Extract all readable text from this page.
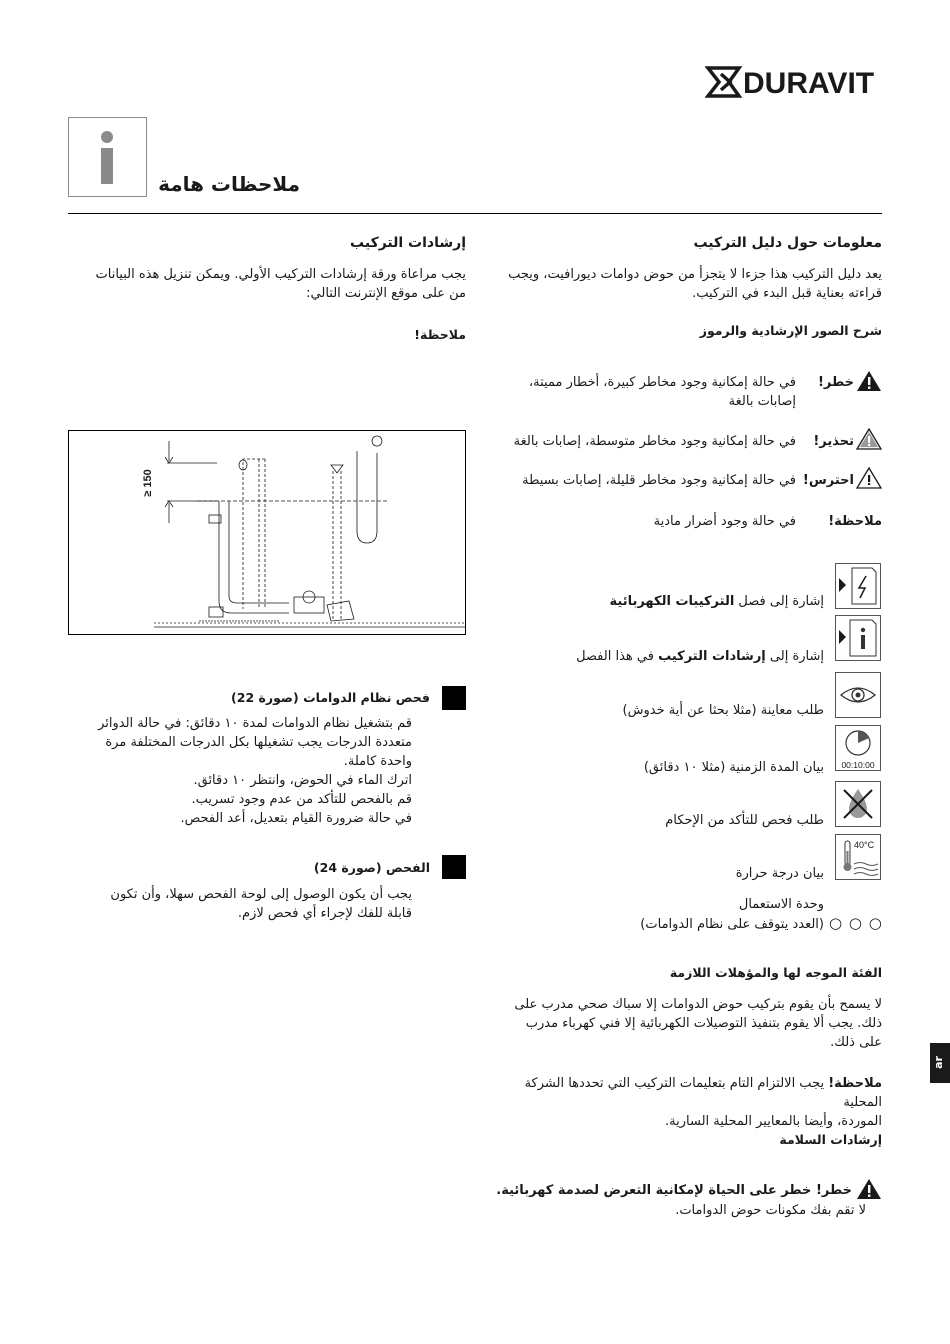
DURAVIT
ملاحظات هامة
معلومات حول دليل التركيب
يعد دليل التركيب هذا جزءا لا يتجزأ من حوض دوامات ديورافيت، ويجب
قراءته بعناية قبل البدء في التركيب.
شرح الصور الإرشادية والرموز
خطر!
في حالة إمكانية وجود مخاطر كبيرة، أخطار مميتة،
إصابات بالغة
تحذير!
في حالة إمكانية وجود مخاطر متوسطة، إصابات بالغة
احترس!
في حالة إمكانية وجود مخاطر قليلة، إصابات بسيطة
ملاحظة!
في حالة وجود أضرار مادية
إشارة إلى فصل التركيبات الكهربائية
إشارة إلى إرشادات التركيب في هذا الفصل
طلب معاينة (مثلا بحثا عن أية خدوش)
00:10:00
بيان المدة الزمنية (مثلا ١٠ دقائق)
طلب فحص للتأكد من الإحكام
40°C
بيان درجة حرارة
وحدة الاستعمال
(العدد يتوقف على نظام الدوامات) ○ ○ ○
الفئة الموجه لها والمؤهلات اللازمة
لا يسمح بأن يقوم بتركيب حوض الدوامات إلا سباك صحي مدرب على
ذلك. يجب ألا يقوم بتنفيذ التوصيلات الكهربائية إلا فني كهرباء مدرب
على ذلك.
ملاحظة! يجب الالتزام التام بتعليمات التركيب التي تحددها الشركة المحلية
الموردة، وأيضا بالمعايير المحلية السارية.
إرشادات السلامة
خطر! خطر على الحياة لإمكانية التعرض لصدمة كهربائية.
لا تقم بفك مكونات حوض الدوامات.
إرشادات التركيب
يجب مراعاة ورقة إرشادات التركيب الأولي. ويمكن تنزيل هذه البيانات
من على موقع الإنترنت التالي:
ملاحظة!
≥ 150
فحص نظام الدوامات (صورة 22)
قم بتشغيل نظام الدوامات لمدة ١٠ دقائق: في حالة الدوائر
متعددة الدرجات يجب تشغيلها بكل الدرجات المختلفة مرة
واحدة كاملة.
اترك الماء في الحوض، وانتظر ١٠ دقائق.
قم بالفحص للتأكد من عدم وجود تسريب.
في حالة ضرورة القيام بتعديل، أعد الفحص.
الفحص (صورة 24)
يجب أن يكون الوصول إلى لوحة الفحص سهلا، وأن تكون
قابلة للفك لإجراء أي فحص لازم.
ar
